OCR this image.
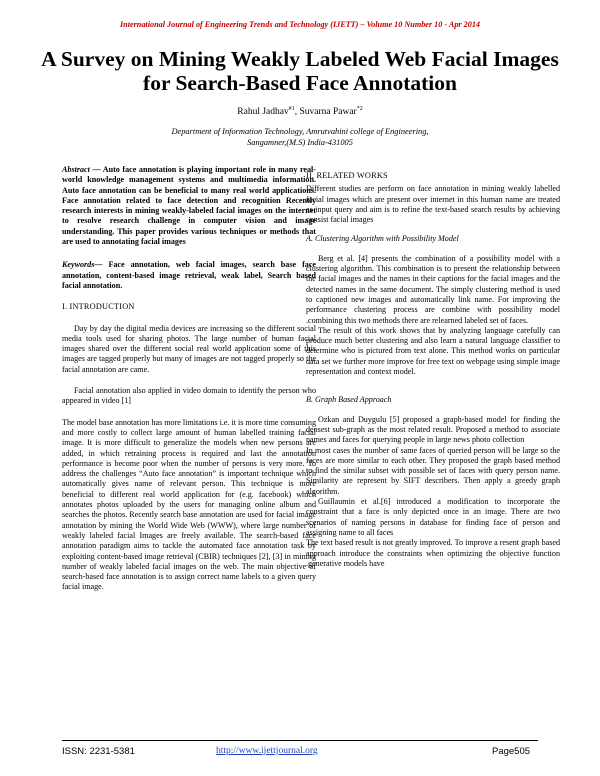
International Journal of Engineering Trends and Technology (IJETT) – Volume 10 Number 10 - Apr 2014
A Survey on Mining Weakly Labeled Web Facial Images for Search-Based Face Annotation
Rahul Jadhav$^{\#1}$, Suvarna Pawar$^{*2}$
Department of Information Technology, Amrutvahini college of Engineering,
Sangamner,(M.S) India-431005

Abstract — Auto face annotation is playing important role in many real-world knowledge management systems and multimedia information. Auto face annotation can be beneficial to many real world applications. Face annotation related to face detection and recognition Recently research interests in mining weakly-labeled facial images on the internet to resolve research challenge in computer vision and image understanding. This paper provides various techniques or methods that are used to annotating facial images

Keywords— Face annotation, web facial images, search base face annotation, content-based image retrieval, weak label, Search based facial annotation.

I. INTRODUCTION

Day by day the digital media devices are increasing so the different social media tools used for sharing photos. The large number of human facial images shared over the different social real world application some of this images are tagged properly but many of images are not tagged properly so the facial annotation are came.

Facial annotation also applied in video domain to identify the person who appeared in video [1]

The model base annotation has more limitations i.e. it is more time consuming and more costly to collect large amount of human labelled training facial image. It is more difficult to generalize the models when new persons are added, in which retraining process is required and last the annotation performance is become poor when the number of persons is very more. To address the challenges “Auto face annotation” is important technique which automatically gives name of relevant person. This technique is more beneficial to different real world application for (e.g. facebook) which annotates photos uploaded by the users for managing online album and searches the photos. Recently search base annotation are used for facial image annotation by mining the World Wide Web (WWW), where large number of weakly labeled facial Images are freely available. The search-based face annotation paradigm aims to tackle the automated face annotation task by exploiting content-based image retrieval (CBIR) techniques [2], [3] in mining number of weakly labeled facial images on the web. The main objective of search-based face annotation is to assign correct name labels to a given query facial image.

II. RELATED WORKS

Different studies are perform on face annotation in mining weakly labelled facial images which are present over internet in this human name are treated as input query and aim is to refine the text-based search results by achieving consist facial images

A. Clustering Algorithm with Possibility Model

Berg et al. [4] presents the combination of a possibility model with a clustering algorithm. This combination is to present the relationship between the facial images and the names in their captions for the facial images and the detected names in the same document. The simply clustering method is used to captioned new images and automatically link name. For improving the performance clustering process are combine with possibility model .combining this two methods there are relearned labeled set of faces.

The result of this work shows that by analyzing language carefully can produce much better clustering and also learn a natural language classifier to determine who is pictured from text alone. This method works on particular data set we further more improve for free text on webpage using simple image representation and context model.

B. Graph Based Approach

Ozkan and Duygulu [5] proposed a graph-based model for finding the densest sub-graph as the most related result. Proposed a method to associate names and faces for querying people in large news photo collection

In most cases the number of same faces of queried person will be large so the faces are more similar to each other. They proposed the graph based method to find the similar subset with possible set of faces with query person name. Similarity are represent by SIFT describers. Then apply a greedy graph algorithm.

Guillaumin et al.[6] introduced a modification to incorporate the constraint that a face is only depicted once in an image. There are two scenarios of naming persons in database for finding face of person and assigning name to all faces

The text based result is not greatly improved. To improve a resent graph based approach introduce the constraints when optimizing the objective function .generative models have

ISSN: 2231-5381	http://www.ijettjournal.org	Page505
